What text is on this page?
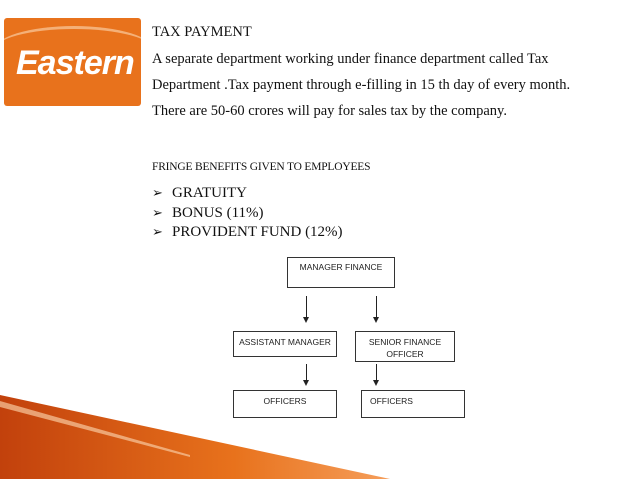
Eastern
TAX PAYMENT
A separate department working under finance department called Tax
Department .Tax payment through e-filling in 15 th day of every month.
There are 50-60 crores will pay for sales tax by the company.
FRINGE BENEFITS GIVEN TO EMPLOYEES
➢ GRATUITY
➢ BONUS (11%)
➢ PROVIDENT FUND (12%)
MANAGER FINANCE
ASSISTANT MANAGER	SENIOR FINANCE
OFFICER
OFFICERS	OFFICERS
